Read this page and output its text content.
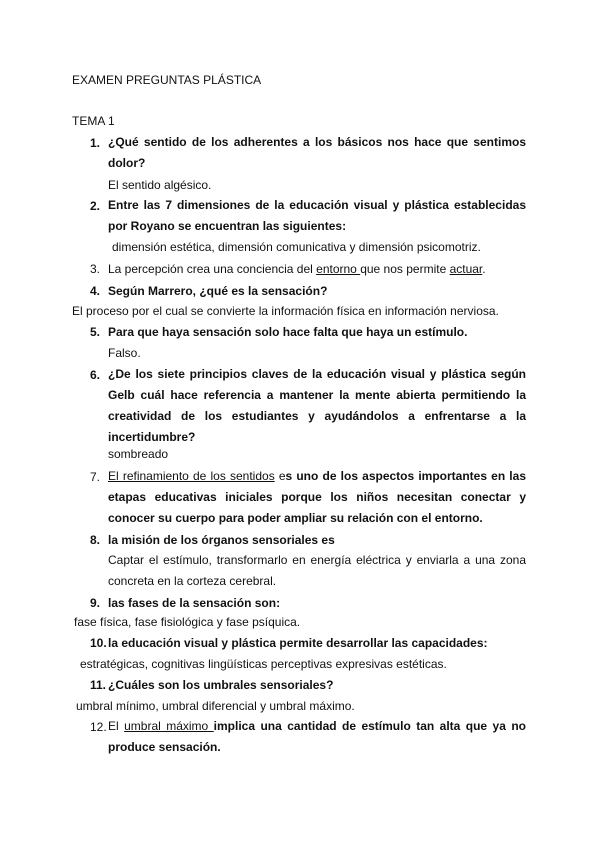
EXAMEN PREGUNTAS PLÁSTICA
TEMA 1
1. ¿Qué sentido de los adherentes a los básicos nos hace que sentimos dolor?
El sentido algésico.
2. Entre las 7 dimensiones de la educación visual y plástica establecidas por Royano se encuentran las siguientes:
dimensión estética, dimensión comunicativa y dimensión psicomotriz.
3. La percepción crea una conciencia del entorno que nos permite actuar.
4. Según Marrero, ¿qué es la sensación?
El proceso por el cual se convierte la información física en información nerviosa.
5. Para que haya sensación solo hace falta que haya un estímulo.
Falso.
6. ¿De los siete principios claves de la educación visual y plástica según Gelb cuál hace referencia a mantener la mente abierta permitiendo la creatividad de los estudiantes y ayudándolos a enfrentarse a la incertidumbre?
sombreado
7. El refinamiento de los sentidos es uno de los aspectos importantes en las etapas educativas iniciales porque los niños necesitan conectar y conocer su cuerpo para poder ampliar su relación con el entorno.
8. la misión de los órganos sensoriales es
Captar el estímulo, transformarlo en energía eléctrica y enviarla a una zona concreta en la corteza cerebral.
9. las fases de la sensación son:
fase física, fase fisiológica y fase psíquica.
10. la educación visual y plástica permite desarrollar las capacidades:
estratégicas, cognitivas lingüísticas perceptivas expresivas estéticas.
11. ¿Cuáles son los umbrales sensoriales?
umbral mínimo, umbral diferencial y umbral máximo.
12. El umbral máximo implica una cantidad de estímulo tan alta que ya no produce sensación.
